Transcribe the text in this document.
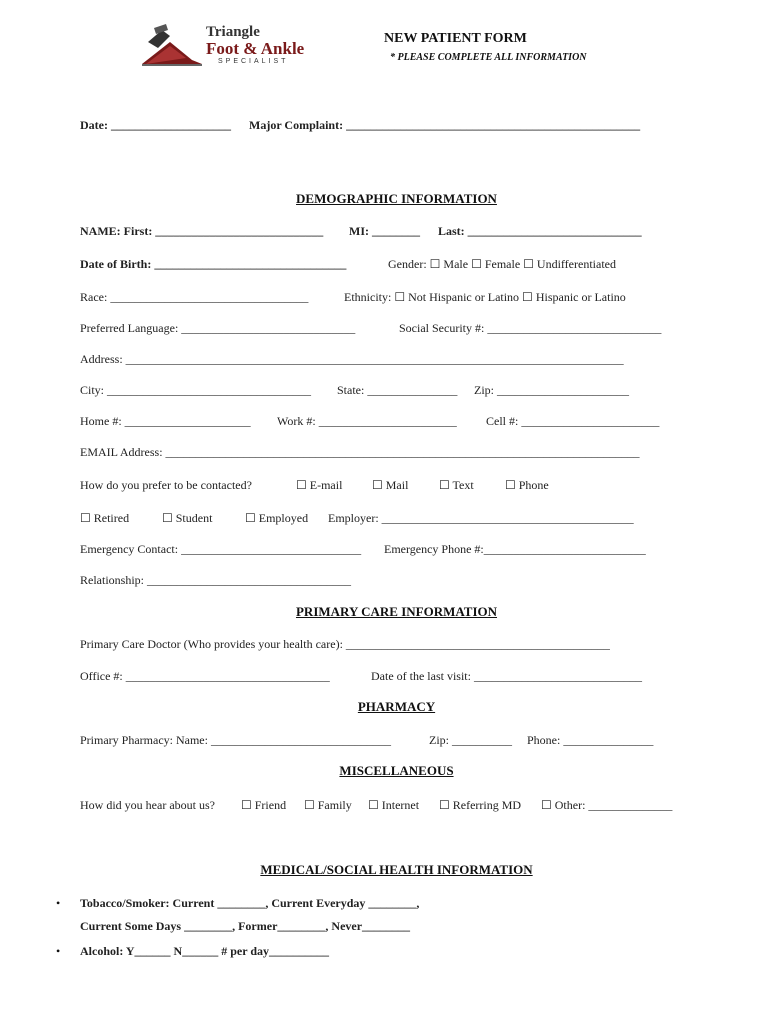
Triangle
Foot & Ankle
SPECIALIST
NEW PATIENT FORM
* PLEASE COMPLETE ALL INFORMATION
Date: ____________________ Major Complaint: _________________________________________________
DEMOGRAPHIC INFORMATION
NAME: First: ____________________________ MI: ________ Last: _____________________________
Date of Birth: ________________________________	Gender: ☐ Male ☐ Female ☐ Undifferentiated
Race: _________________________________	Ethnicity: ☐ Not Hispanic or Latino ☐ Hispanic or Latino
Preferred Language: _____________________________	Social Security #: _____________________________
Address: ___________________________________________________________________________________
City: __________________________________ State: _______________ Zip: ______________________
Home #: _____________________ Work #: _______________________ Cell #: _______________________
EMAIL Address: _______________________________________________________________________________
How do you prefer to be contacted?	☐ E-mail ☐ Mail	☐ Text	☐ Phone
☐ Retired	☐ Student	☐ Employed Employer: __________________________________________
Emergency Contact: ______________________________ Emergency Phone #:___________________________
Relationship: __________________________________
PRIMARY CARE INFORMATION
Primary Care Doctor (Who provides your health care): ____________________________________________
Office #: __________________________________	Date of the last visit: ____________________________
PHARMACY
Primary Pharmacy: Name: ______________________________	Zip: __________ Phone: _______________
MISCELLANEOUS
How did you hear about us? ☐ Friend ☐ Family ☐ Internet ☐ Referring MD ☐ Other: ______________
MEDICAL/SOCIAL HEALTH INFORMATION
• Tobacco/Smoker: Current ________, Current Everyday ________,
Current Some Days ________, Former________, Never________
• Alcohol: Y______ N______ # per day__________
